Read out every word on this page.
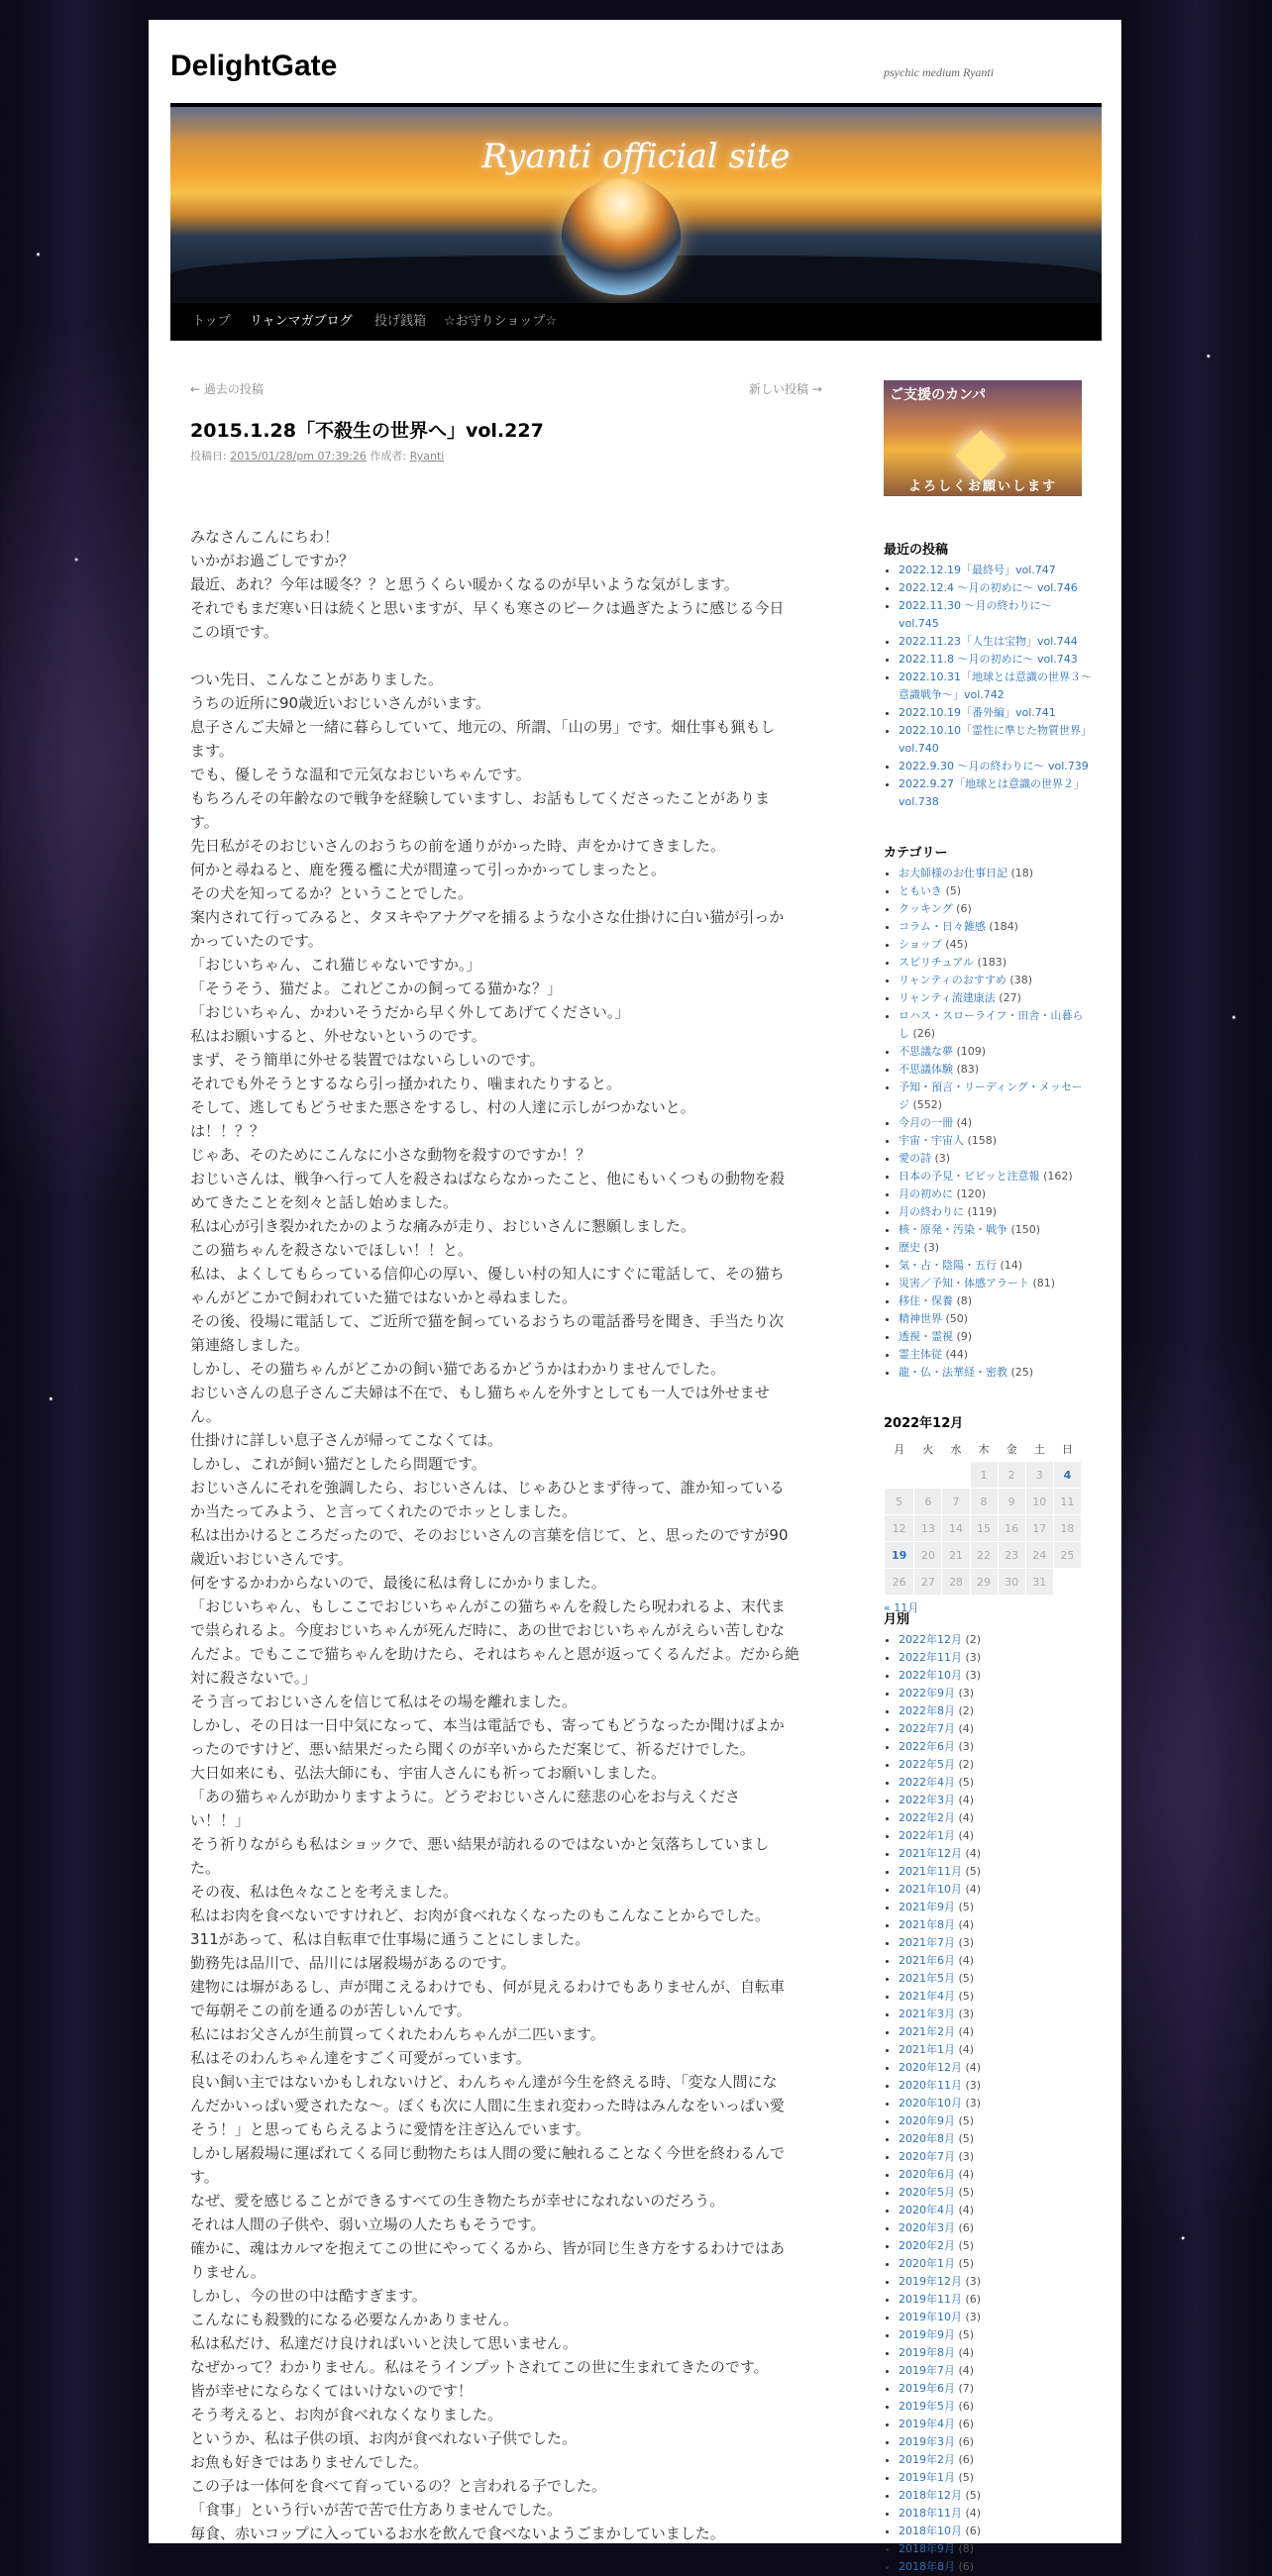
DelightGate	psychic medium Ryanti
Ryanti official site
トップ リャンマガブログ 投げ銭箱 ☆お守りショップ☆
← 過去の投稿	新しい投稿 →
2015.1.28「不殺生の世界へ」vol.227
投稿日: 2015/01/28/pm 07:39:26 作成者: Ryanti
みなさんこんにちわ！
いかがお過ごしですか？
最近、あれ？今年は暖冬？？と思うくらい暖かくなるのが早いような気がします。
それでもまだ寒い日は続くと思いますが、早くも寒さのピークは過ぎたように感じる今日
この頃です。

つい先日、こんなことがありました。
うちの近所に90歳近いおじいさんがいます。
息子さんご夫婦と一緒に暮らしていて、地元の、所謂、「山の男」です。畑仕事も猟もし
ます。
でも、優しそうな温和で元気なおじいちゃんです。
もちろんその年齢なので戦争を経験していますし、お話もしてくださったことがありま
す。
先日私がそのおじいさんのおうちの前を通りがかった時、声をかけてきました。
何かと尋ねると、鹿を獲る檻に犬が間違って引っかかってしまったと。
その犬を知ってるか？ということでした。
案内されて行ってみると、タヌキやアナグマを捕るような小さな仕掛けに白い猫が引っか
かっていたのです。
「おじいちゃん、これ猫じゃないですか。」
「そうそう、猫だよ。これどこかの飼ってる猫かな？」
「おじいちゃん、かわいそうだから早く外してあげてください。」
私はお願いすると、外せないというのです。
まず、そう簡単に外せる装置ではないらしいのです。
それでも外そうとするなら引っ掻かれたり、噛まれたりすると。
そして、逃してもどうせまた悪さをするし、村の人達に示しがつかないと。
は！！？？
じゃあ、そのためにこんなに小さな動物を殺すのですか！？
おじいさんは、戦争へ行って人を殺さねばならなかったこと、他にもいくつもの動物を殺
めてきたことを刻々と話し始めました。
私は心が引き裂かれたかのような痛みが走り、おじいさんに懇願しました。
この猫ちゃんを殺さないでほしい！！と。
私は、よくしてもらっている信仰心の厚い、優しい村の知人にすぐに電話して、その猫ち
ゃんがどこかで飼われていた猫ではないかと尋ねました。
その後、役場に電話して、ご近所で猫を飼っているおうちの電話番号を聞き、手当たり次
第連絡しました。
しかし、その猫ちゃんがどこかの飼い猫であるかどうかはわかりませんでした。
おじいさんの息子さんご夫婦は不在で、もし猫ちゃんを外すとしても一人では外せませ
ん。
仕掛けに詳しい息子さんが帰ってこなくては。
しかし、これが飼い猫だとしたら問題です。
おじいさんにそれを強調したら、おじいさんは、じゃあひとまず待って、誰か知っている
か当たってみよう、と言ってくれたのでホッとしました。
私は出かけるところだったので、そのおじいさんの言葉を信じて、と、思ったのですが90
歳近いおじいさんです。
何をするかわからないので、最後に私は脅しにかかりました。
「おじいちゃん、もしここでおじいちゃんがこの猫ちゃんを殺したら呪われるよ、末代ま
で祟られるよ。今度おじいちゃんが死んだ時に、あの世でおじいちゃんがえらい苦しむな
んだよ。でもここで猫ちゃんを助けたら、それはちゃんと恩が返ってくるんだよ。だから絶
対に殺さないで。」
そう言っておじいさんを信じて私はその場を離れました。
しかし、その日は一日中気になって、本当は電話でも、寄ってもどうなったか聞けばよか
ったのですけど、悪い結果だったら聞くのが辛いからただ案じて、祈るだけでした。
大日如来にも、弘法大師にも、宇宙人さんにも祈ってお願いしました。
「あの猫ちゃんが助かりますように。どうぞおじいさんに慈悲の心をお与えくださ
い！！」
そう祈りながらも私はショックで、悪い結果が訪れるのではないかと気落ちしていまし
た。
その夜、私は色々なことを考えました。
私はお肉を食べないですけれど、お肉が食べれなくなったのもこんなことからでした。
311があって、私は自転車で仕事場に通うことにしました。
勤務先は品川で、品川には屠殺場があるのです。
建物には塀があるし、声が聞こえるわけでも、何が見えるわけでもありませんが、自転車
で毎朝そこの前を通るのが苦しいんです。
私にはお父さんが生前買ってくれたわんちゃんが二匹います。
私はそのわんちゃん達をすごく可愛がっています。
良い飼い主ではないかもしれないけど、わんちゃん達が今生を終える時、「変な人間にな
んだかいっぱい愛されたな〜。ぼくも次に人間に生まれ変わった時はみんなをいっぱい愛
そう！」と思ってもらえるように愛情を注ぎ込んでいます。
しかし屠殺場に運ばれてくる同じ動物たちは人間の愛に触れることなく今世を終わるんで
す。
なぜ、愛を感じることができるすべての生き物たちが幸せになれないのだろう。
それは人間の子供や、弱い立場の人たちもそうです。
確かに、魂はカルマを抱えてこの世にやってくるから、皆が同じ生き方をするわけではあ
りません。
しかし、今の世の中は酷すぎます。
こんなにも殺戮的になる必要なんかありません。
私は私だけ、私達だけ良ければいいと決して思いません。
なぜかって？わかりません。私はそうインプットされてこの世に生まれてきたのです。
皆が幸せにならなくてはいけないのです！
そう考えると、お肉が食べれなくなりました。
というか、私は子供の頃、お肉が食べれない子供でした。
お魚も好きではありませんでした。
この子は一体何を食べて育っているの？と言われる子でした。
「食事」という行いが苦で苦で仕方ありませんでした。
毎食、赤いコップに入っているお水を飲んで食べないようごまかしていました。
ご支援のカンパ
よろしくお願いします
最近の投稿
• 2022.12.19「最終号」vol.747
• 2022.12.4 ～月の初めに～ vol.746
• 2022.11.30 ～月の終わりに～ vol.745
• 2022.11.23「人生は宝物」vol.744
• 2022.11.8 ～月の初めに～ vol.743
• 2022.10.31「地球とは意識の世界３～意識戦争～」vol.742
• 2022.10.19「番外編」vol.741
• 2022.10.10「霊性に準じた物質世界」vol.740
• 2022.9.30 ～月の終わりに～ vol.739
• 2022.9.27「地球とは意識の世界２」vol.738
カテゴリー
• お大師様のお仕事日記 (18)
• ともいき (5)
• クッキング (6)
• コラム・日々雑感 (184)
• ショップ (45)
• スピリチュアル (183)
• リャンティのおすすめ (38)
• リャンティ流建康法 (27)
• ロハス・スローライフ・田舎・山暮らし (26)
• 不思議な夢 (109)
• 不思議体験 (83)
• 予知・預言・リーディング・メッセージ (552)
• 今月の一冊 (4)
• 宇宙・宇宙人 (158)
• 愛の詩 (3)
• 日本の予見・ビビッと注意報 (162)
• 月の初めに (120)
• 月の終わりに (119)
• 核・原発・汚染・戦争 (150)
• 歴史 (3)
• 気・占・陰陽・五行 (14)
• 災害／予知・体感アラート (81)
• 移住・保養 (8)
• 精神世界 (50)
• 透視・霊視 (9)
• 霊主体従 (44)
• 龍・仏・法華経・密教 (25)
2022年12月
月	火	水	木	金	土	日
			1	2	3	4
5	6	7	8	9	10	11
12	13	14	15	16	17	18
19	20	21	22	23	24	25
26	27	28	29	30	31	
« 11月
月別
• 2022年12月 (2)
• 2022年11月 (3)
• 2022年10月 (3)
• 2022年9月 (3)
• 2022年8月 (2)
• 2022年7月 (4)
• 2022年6月 (3)
• 2022年5月 (2)
• 2022年4月 (5)
• 2022年3月 (4)
• 2022年2月 (4)
• 2022年1月 (4)
• 2021年12月 (4)
• 2021年11月 (5)
• 2021年10月 (4)
• 2021年9月 (5)
• 2021年8月 (4)
• 2021年7月 (3)
• 2021年6月 (4)
• 2021年5月 (5)
• 2021年4月 (5)
• 2021年3月 (3)
• 2021年2月 (4)
• 2021年1月 (4)
• 2020年12月 (4)
• 2020年11月 (3)
• 2020年10月 (3)
• 2020年9月 (5)
• 2020年8月 (5)
• 2020年7月 (3)
• 2020年6月 (4)
• 2020年5月 (5)
• 2020年4月 (4)
• 2020年3月 (6)
• 2020年2月 (5)
• 2020年1月 (5)
• 2019年12月 (3)
• 2019年11月 (6)
• 2019年10月 (3)
• 2019年9月 (5)
• 2019年8月 (4)
• 2019年7月 (4)
• 2019年6月 (7)
• 2019年5月 (6)
• 2019年4月 (6)
• 2019年3月 (6)
• 2019年2月 (6)
• 2019年1月 (5)
• 2018年12月 (5)
• 2018年11月 (4)
• 2018年10月 (6)
• 2018年9月 (8)
• 2018年8月 (6)
